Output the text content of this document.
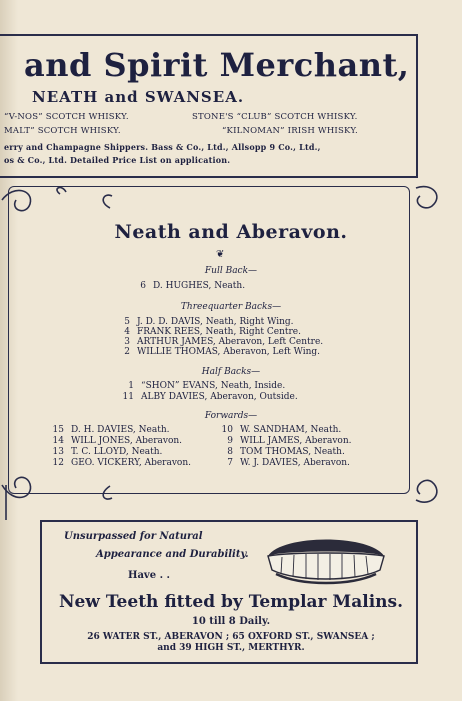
and Spirit Merchant,
NEATH and SWANSEA.
“V-NOS” SCOTCH WHISKY.	STONE'S “CLUB” SCOTCH WHISKY.
MALT” SCOTCH WHISKY.	“KILNOMAN” IRISH WHISKY.
erry and Champagne Shippers. Bass & Co., Ltd., Allsopp 9 Co., Ltd.,
os & Co., Ltd. Detailed Price List on application.
Neath and Aberavon.
❦
Full Back—
6 D. HUGHES, Neath.
Threequarter Backs—
5 J. D. D. DAVIS, Neath, Right Wing.
4 FRANK REES, Neath, Right Centre.
3 ARTHUR JAMES, Aberavon, Left Centre.
2 WILLIE THOMAS, Aberavon, Left Wing.
Half Backs—
1 “SHON” EVANS, Neath, Inside.
11 ALBY DAVIES, Aberavon, Outside.
Forwards—
15 D. H. DAVIES, Neath.
14 WILL JONES, Aberavon.
13 T. C. LLOYD, Neath.
12 GEO. VICKERY, Aberavon.
10 W. SANDHAM, Neath.
9 WILL JAMES, Aberavon.
8 TOM THOMAS, Neath.
7 W. J. DAVIES, Aberavon.
Unsurpassed for Natural
Appearance and Durability.
Have . .
New Teeth fitted by Templar Malins.
10 till 8 Daily.
26 WATER ST., ABERAVON ; 65 OXFORD ST., SWANSEA ;
and 39 HIGH ST., MERTHYR.
